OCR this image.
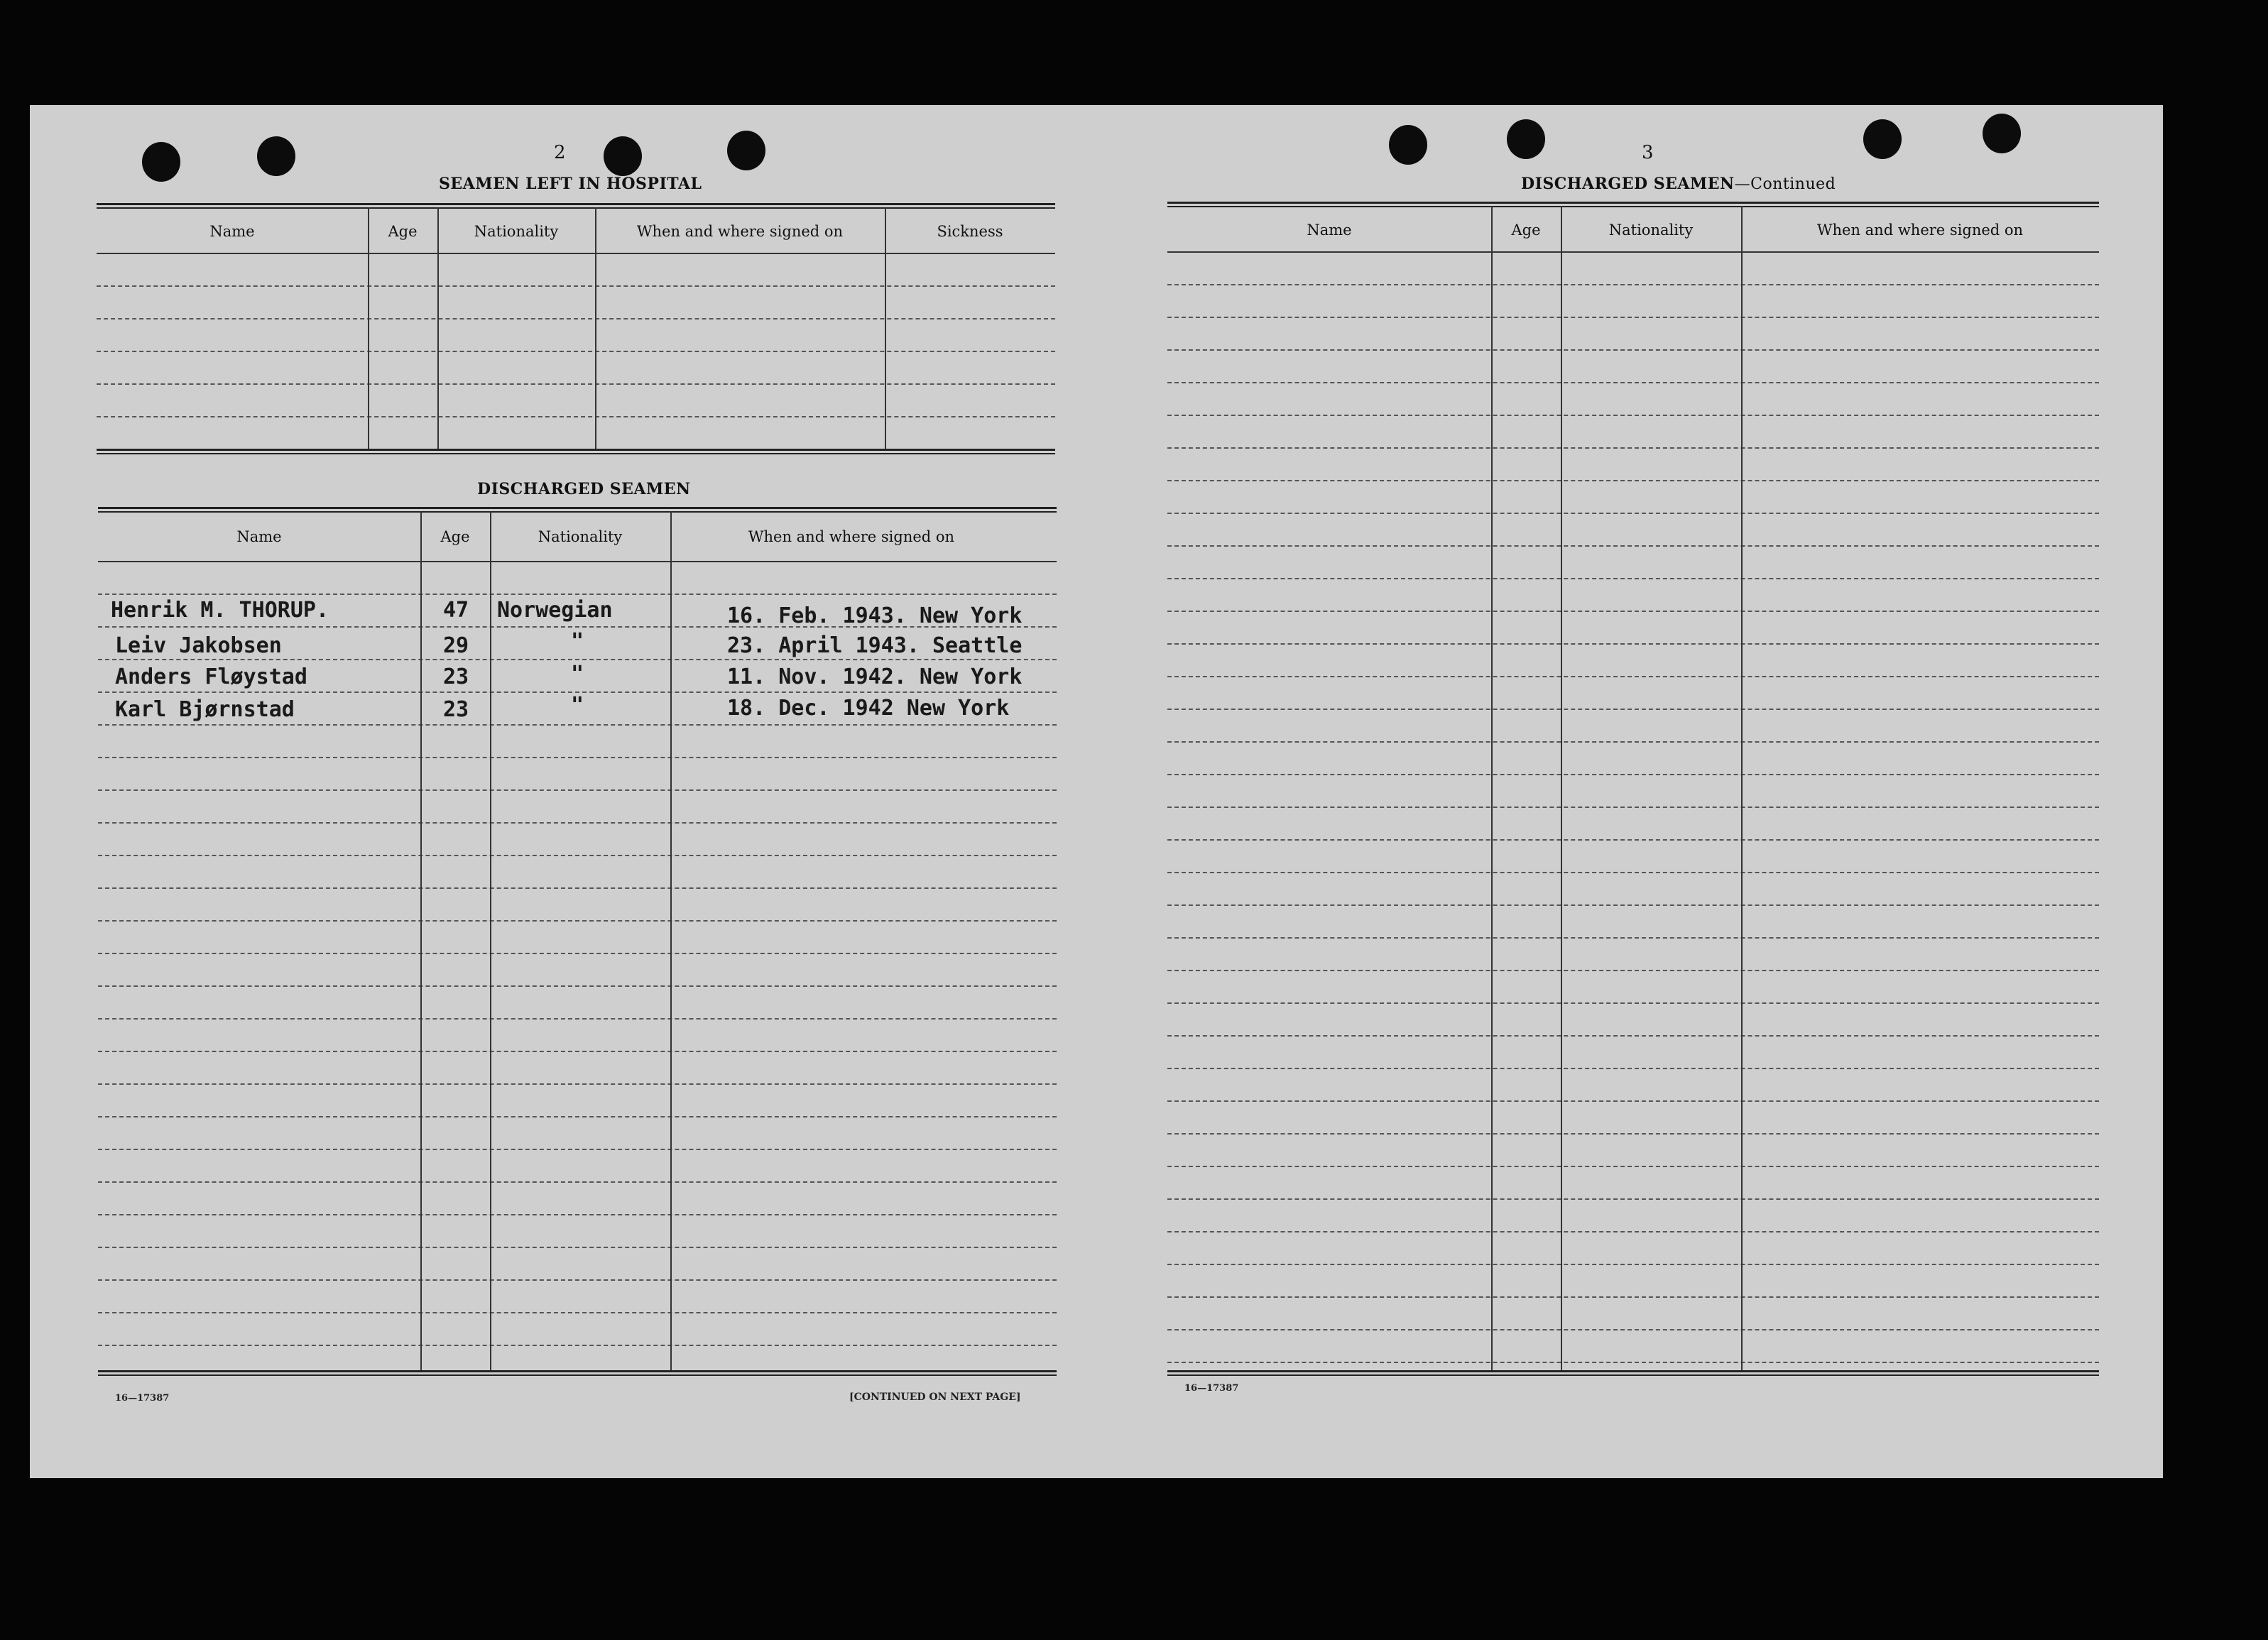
2
SEAMEN LEFT IN HOSPITAL
Name	Age	Nationality	When and where signed on	Sickness
DISCHARGED SEAMEN
Name	Age	Nationality	When and where signed on
Henrik M. THORUP.	47 Norwegian	16. Feb. 1943. New York
Leiv Jakobsen	29	"	23. April 1943. Seattle
Anders Fløystad	23	"	11. Nov. 1942. New York
Karl Bjørnstad	23	"	18. Dec. 1942 New York
16—17387	[CONTINUED ON NEXT PAGE]
3
DISCHARGED SEAMEN—Continued
Name	Age	Nationality	When and where signed on
16—17387
